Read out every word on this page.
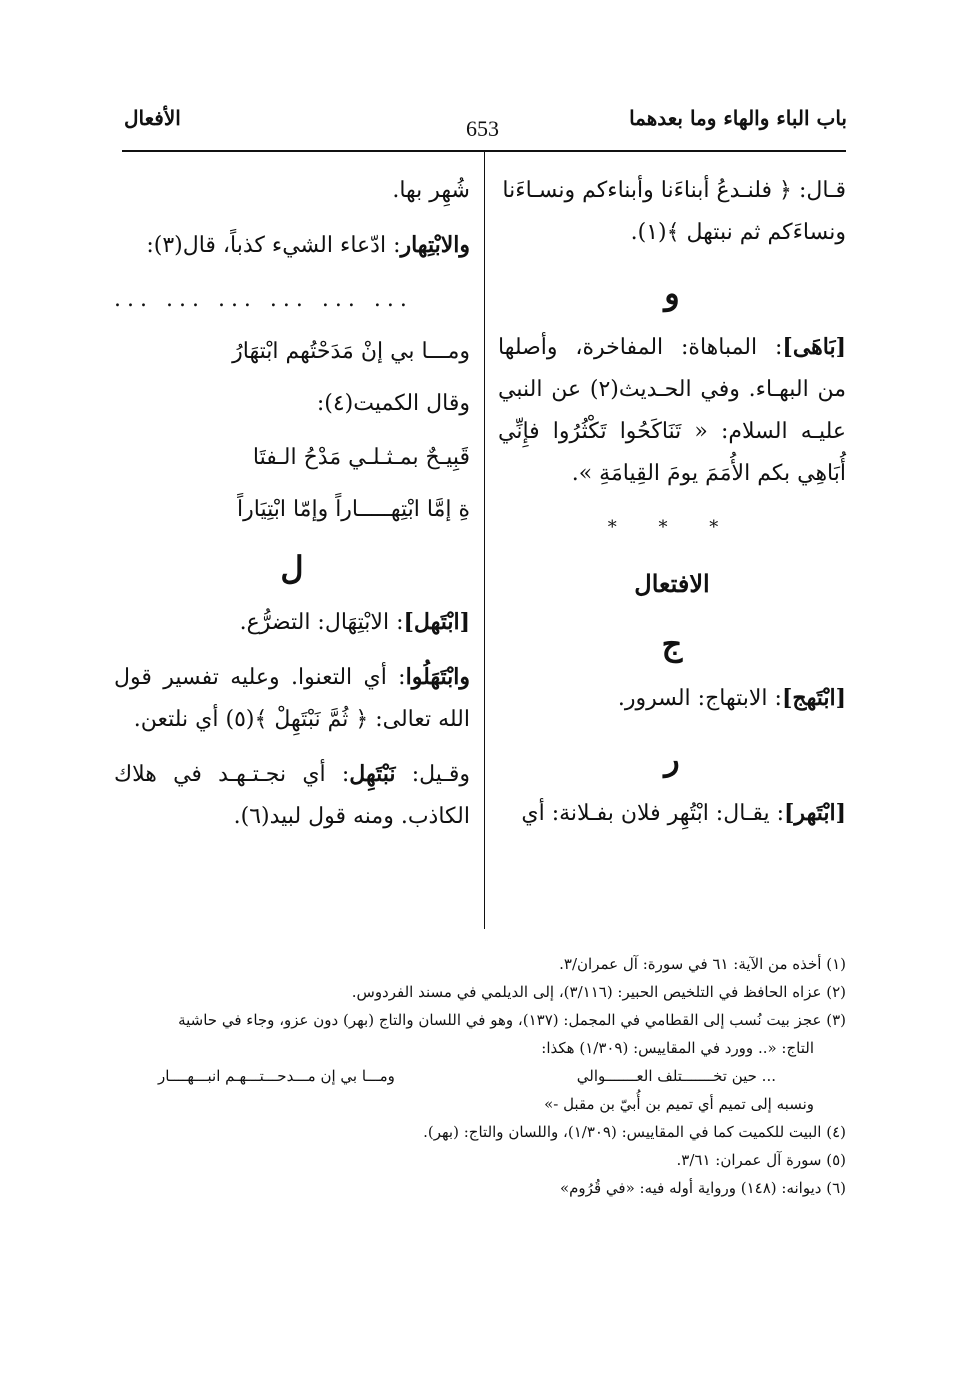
باب الباء والهاء وما بعدهما
653
الأفعال

قـال: ﴿ فلنـدعُ أبناءَنا وأبناءكم ونسـاءَنا
ونساءَكم ثم نبتهل ﴾(١).

و

[بَاهَى]: المباهاة: المفاخرة، وأصلها من البهـاء. وفي الحـديث(٢) عن النبي عليـه السلام: « تَنَاكَحُوا تَكْثُرُوا فإِنِّي أُبَاهِي بكم الأُمَمَ يومَ القِيامَةِ ».

* * *
الافتعال
ج

[ابْتَهج]: الابتهاج: السرور.

ر

[ابْتَهر]: يقـال: ابْتُهِر فلان بفـلانة: أي

شُهِر بها.

والابْتِهار: ادّعاء الشيء كذباً، قال(٣):

... ... ... ... ... ...
ومـــا بي إنْ مَدَحْتُهم ابْتهَارُ

وقال الكميت(٤):

قَبِيـحٌ بمـثـلـي مَدْحُ الـفتَا
ةِ إمَّا ابْتِهـــــاراً وإمّا ابْتِيَاراً
ل

[ابْتَهل]: الابْتِهَال: التضرُّع.

وابْتَهَلُوا: أي التعنوا. وعليه تفسير قول الله تعالى: ﴿ ثُمَّ نَبْتَهِلْ ﴾(٥) أي نلتعن.

وقـيل: نَبْتَهِل: أي نجـتـهـد في هلاك الكاذب. ومنه قول لبيد(٦).

(١) أخذه من الآية: ٦١ في سورة: آل عمران/٣.
(٢) عزاه الحافظ في التلخيص الحبير: (٣/١١٦)، إلى الديلمي في مسند الفردوس.
(٣) عجز بيت نُسب إلى القطامي في المجمل: (١٣٧)، وهو في اللسان والتاج (بهر) دون عزو، وجاء في حاشية
التاج: «.. وورد في المقاييس: (١/٣٠٩) هكذا:
... حين تخـــــــتلف العـــــــوالي
ومـــا بي إن مـــدحـــتـــهـم انبـــهــــار
ونسبه إلى تميم أي تميم بن أُبيّ بن مقبل -»
(٤) البيت للكميت كما في المقاييس: (١/٣٠٩)، واللسان والتاج: (بهر).
(٥) سورة آل عمران: ٣/٦١.
(٦) ديوانه: (١٤٨) ورواية أوله فيه: «في قُرُوم»
